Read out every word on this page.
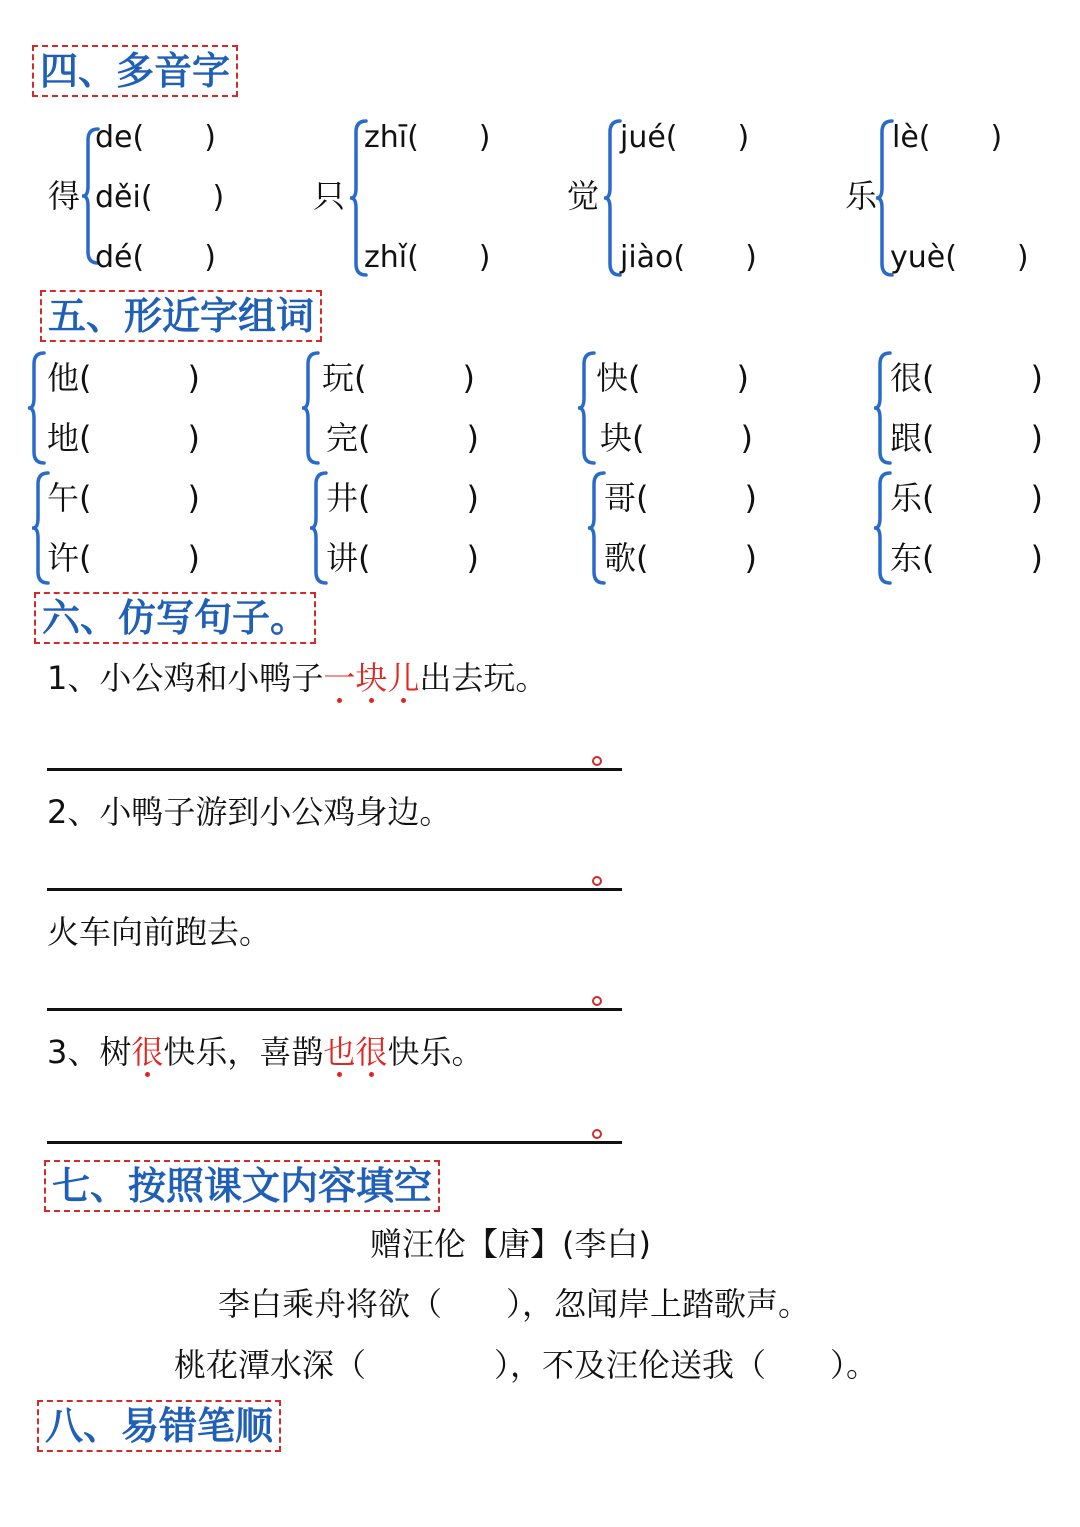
四、多音字
得
de(　　)
děi(　　)
dé(　　)
只
zhī(　　)
zhǐ(　　)
觉
jué(　　)
jiào(　　)
乐
lè(　　)
yuè(　　)
五、形近字组词
他(　　　)
地(　　　)
玩(　　　)
完(　　　)
快(　　　)
块(　　　)
很(　　　)
跟(　　　)
午(　　　)
许(　　　)
井(　　　)
讲(　　　)
哥(　　　)
歌(　　　)
乐(　　　)
东(　　　)
六、仿写句子。
1、小公鸡和小鸭子一块儿出去玩。
2、小鸭子游到小公鸡身边。
火车向前跑去。
3、树很快乐，喜鹊也很快乐。
七、按照课文内容填空
赠汪伦【唐】(李白)
李白乘舟将欲（　　），忽闻岸上踏歌声。
桃花潭水深（　　　　），不及汪伦送我（　　）。
八、易错笔顺
